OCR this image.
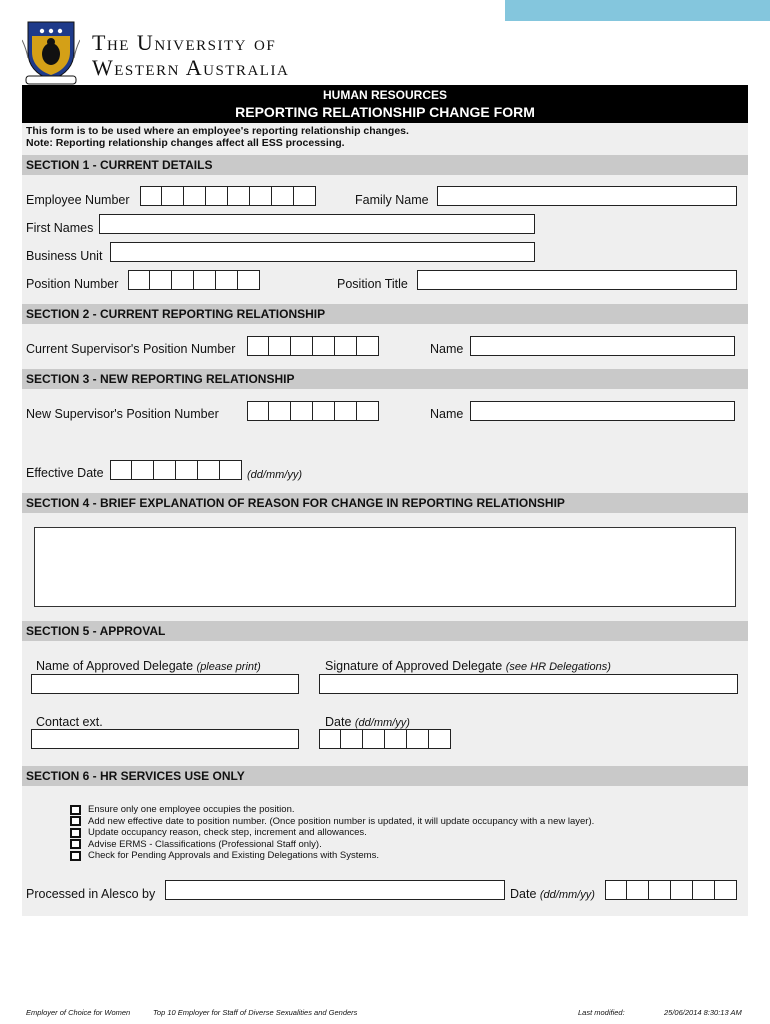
The University of
Western Australia
HUMAN RESOURCES
REPORTING RELATIONSHIP CHANGE FORM
This form is to be used where an employee's reporting relationship changes.
Note: Reporting relationship changes affect all ESS processing.
SECTION 1 - CURRENT DETAILS
Employee Number	Family Name
First Names
Business Unit
Position Number	Position Title
SECTION 2 - CURRENT REPORTING RELATIONSHIP
Current Supervisor's Position Number	Name
SECTION 3 - NEW REPORTING RELATIONSHIP
New Supervisor's Position Number	Name
Effective Date	(dd/mm/yy)
SECTION 4 - BRIEF EXPLANATION OF REASON FOR CHANGE IN REPORTING RELATIONSHIP
SECTION 5 - APPROVAL
Name of Approved Delegate (please print)	Signature of Approved Delegate (see HR Delegations)
Contact ext.	Date (dd/mm/yy)
SECTION 6 - HR SERVICES USE ONLY
Ensure only one employee occupies the position.
Add new effective date to position number. (Once position number is updated, it will update occupancy with a new layer).
Update occupancy reason, check step, increment and allowances.
Advise ERMS - Classifications (Professional Staff only).
Check for Pending Approvals and Existing Delegations with Systems.
Processed in Alesco by	Date (dd/mm/yy)
Employer of Choice for Women	Top 10 Employer for Staff of Diverse Sexualities and Genders	Last modified:	25/06/2014 8:30:13 AM
